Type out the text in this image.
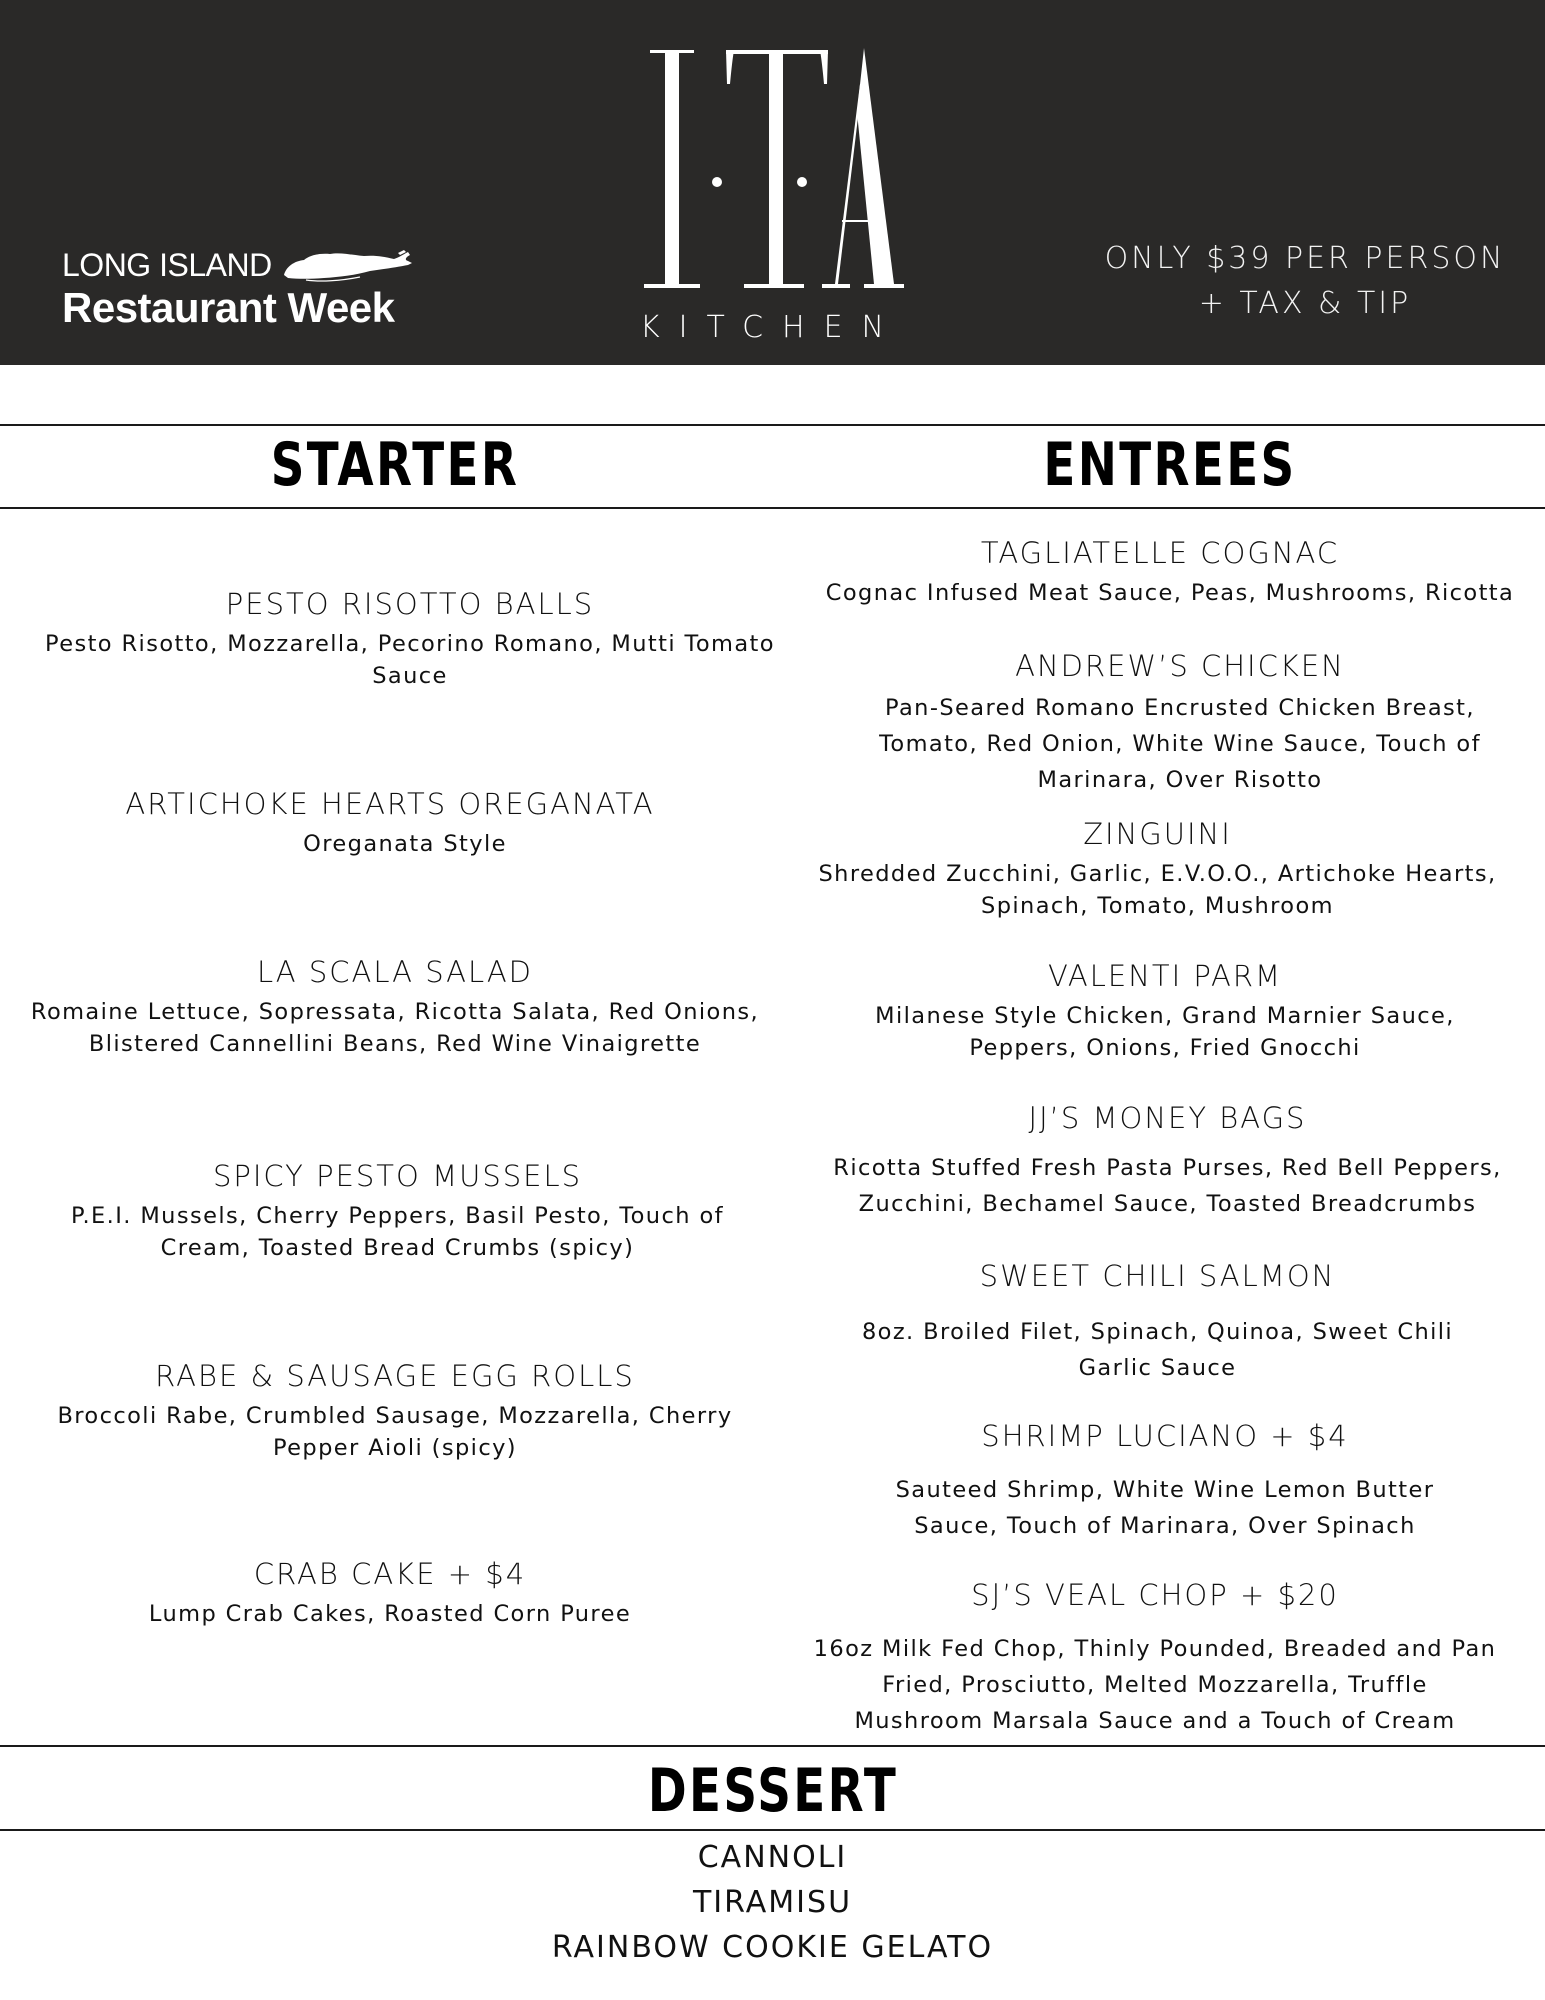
LONG ISLAND
Restaurant Week	KITCHEN
ONLY $39 PER PERSON
+ TAX & TIP
STARTER	ENTREES
DESSERT
PESTO RISOTTO BALLS
Pesto Risotto, Mozzarella, Pecorino Romano, Mutti Tomato
Sauce
ARTICHOKE HEARTS OREGANATA
Oreganata Style
LA SCALA SALAD
Romaine Lettuce, Sopressata, Ricotta Salata, Red Onions,
Blistered Cannellini Beans, Red Wine Vinaigrette
SPICY PESTO MUSSELS
P.E.I. Mussels, Cherry Peppers, Basil Pesto, Touch of
Cream, Toasted Bread Crumbs (spicy)
RABE & SAUSAGE EGG ROLLS
Broccoli Rabe, Crumbled Sausage, Mozzarella, Cherry
Pepper Aioli (spicy)
CRAB CAKE + $4
Lump Crab Cakes, Roasted Corn Puree
TAGLIATELLE COGNAC
Cognac Infused Meat Sauce, Peas, Mushrooms, Ricotta
ANDREW’S CHICKEN
Pan-Seared Romano Encrusted Chicken Breast,
Tomato, Red Onion, White Wine Sauce, Touch of
Marinara, Over Risotto
ZINGUINI
Shredded Zucchini, Garlic, E.V.O.O., Artichoke Hearts,
Spinach, Tomato, Mushroom
VALENTI PARM
Milanese Style Chicken, Grand Marnier Sauce,
Peppers, Onions, Fried Gnocchi
JJ’S MONEY BAGS
Ricotta Stuffed Fresh Pasta Purses, Red Bell Peppers,
Zucchini, Bechamel Sauce, Toasted Breadcrumbs
SWEET CHILI SALMON
8oz. Broiled Filet, Spinach, Quinoa, Sweet Chili
Garlic Sauce
SHRIMP LUCIANO + $4
Sauteed Shrimp, White Wine Lemon Butter
Sauce, Touch of Marinara, Over Spinach
SJ’S VEAL CHOP + $20
16oz Milk Fed Chop, Thinly Pounded, Breaded and Pan
Fried, Prosciutto, Melted Mozzarella, Truffle
Mushroom Marsala Sauce and a Touch of Cream
CANNOLI
TIRAMISU
RAINBOW COOKIE GELATO
